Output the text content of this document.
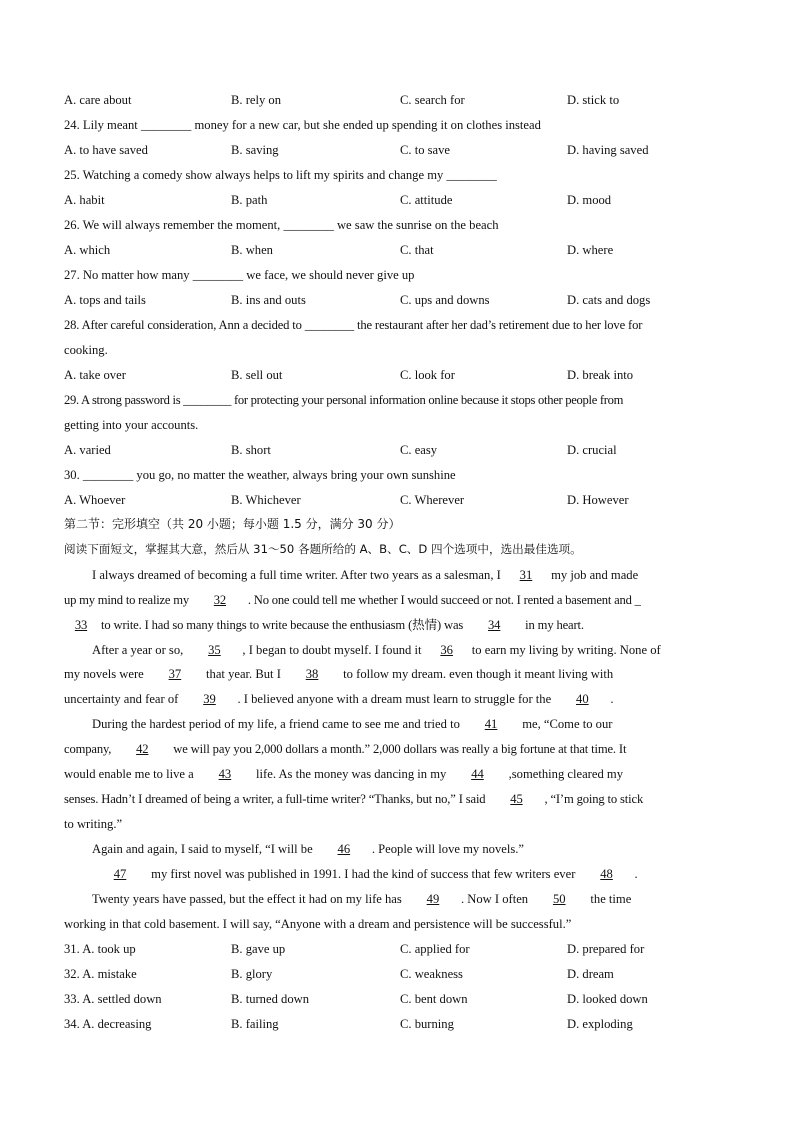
A. care about	B. rely on	C. search for	D. stick to
24. Lily meant ________ money for a new car, but she ended up spending it on clothes instead
A. to have saved	B. saving	C. to save	D. having saved
25. Watching a comedy show always helps to lift my spirits and change my ________
A. habit	B. path	C. attitude	D. mood
26. We will always remember the moment, ________ we saw the sunrise on the beach
A. which	B. when	C. that	D. where
27. No matter how many ________ we face, we should never give up
A. tops and tails	B. ins and outs	C. ups and downs	D. cats and dogs
28. After careful consideration, Ann a decided to ________ the restaurant after her dad’s retirement due to her love for
cooking.
A. take over	B. sell out	C. look for	D. break into
29. A strong password is ________ for protecting your personal information online because it stops other people from
getting into your accounts.
A. varied	B. short	C. easy	D. crucial
30. ________ you go, no matter the weather, always bring your own sunshine
A. Whoever	B. Whichever	C. Wherever	D. However
第二节：完形填空（共 20 小题；每小题 1.5 分，满分 30 分）
阅读下面短文，掌握其大意，然后从 31～50 各题所给的 A、B、C、D 四个选项中，选出最佳选项。
I always dreamed of becoming a full time writer. After two years as a salesman, I 31 my job and made
up my mind to realize my 32 . No one could tell me whether I would succeed or not. I rented a basement and _
33 to write. I had so many things to write because the enthusiasm (热情) was 34 in my heart.
After a year or so, 35 , I began to doubt myself. I found it 36 to earn my living by writing. None of
my novels were 37 that year. But I 38 to follow my dream. even though it meant living with
uncertainty and fear of 39 . I believed anyone with a dream must learn to struggle for the 40 .
During the hardest period of my life, a friend came to see me and tried to 41 me, “Come to our
company, 42 we will pay you 2,000 dollars a month.” 2,000 dollars was really a big fortune at that time. It
would enable me to live a 43 life. As the money was dancing in my 44 ,something cleared my
senses. Hadn’t I dreamed of being a writer, a full-time writer? “Thanks, but no,” I said 45 , “I’m going to stick
to writing.”
Again and again, I said to myself, “I will be 46 . People will love my novels.”
47 my first novel was published in 1991. I had the kind of success that few writers ever 48 .
Twenty years have passed, but the effect it had on my life has 49 . Now I often 50 the time
working in that cold basement. I will say, “Anyone with a dream and persistence will be successful.”
31. A. took up	B. gave up	C. applied for	D. prepared for
32. A. mistake	B. glory	C. weakness	D. dream
33. A. settled down	B. turned down	C. bent down	D. looked down
34. A. decreasing	B. failing	C. burning	D. exploding
